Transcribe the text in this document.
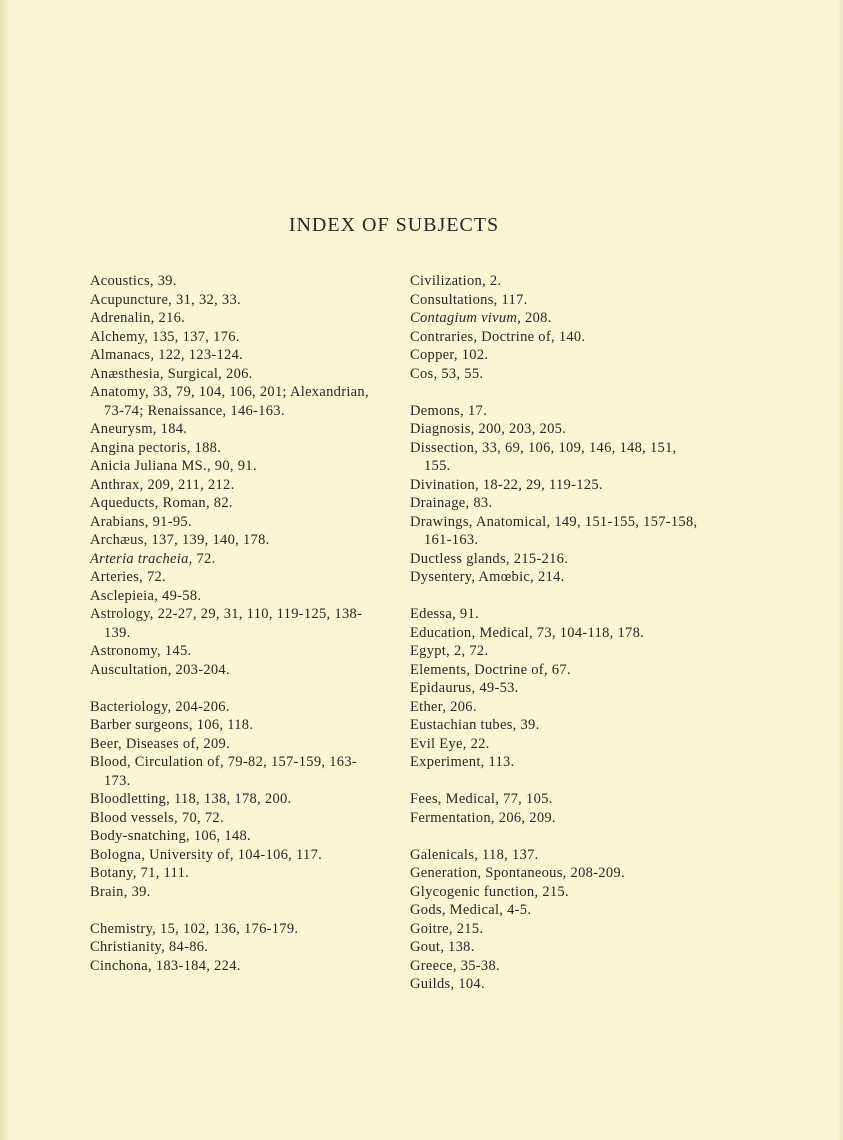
INDEX OF SUBJECTS
Acoustics, 39.
Acupuncture, 31, 32, 33.
Adrenalin, 216.
Alchemy, 135, 137, 176.
Almanacs, 122, 123-124.
Anæsthesia, Surgical, 206.
Anatomy, 33, 79, 104, 106, 201; Alexandrian, 73-74; Renaissance, 146-163.
Aneurysm, 184.
Angina pectoris, 188.
Anicia Juliana MS., 90, 91.
Anthrax, 209, 211, 212.
Aqueducts, Roman, 82.
Arabians, 91-95.
Archæus, 137, 139, 140, 178.
Arteria tracheia, 72.
Arteries, 72.
Asclepieia, 49-58.
Astrology, 22-27, 29, 31, 110, 119-125, 138-139.
Astronomy, 145.
Auscultation, 203-204.
Bacteriology, 204-206.
Barber surgeons, 106, 118.
Beer, Diseases of, 209.
Blood, Circulation of, 79-82, 157-159, 163-173.
Bloodletting, 118, 138, 178, 200.
Blood vessels, 70, 72.
Body-snatching, 106, 148.
Bologna, University of, 104-106, 117.
Botany, 71, 111.
Brain, 39.
Chemistry, 15, 102, 136, 176-179.
Christianity, 84-86.
Cinchona, 183-184, 224.
Civilization, 2.
Consultations, 117.
Contagium vivum, 208.
Contraries, Doctrine of, 140.
Copper, 102.
Cos, 53, 55.
Demons, 17.
Diagnosis, 200, 203, 205.
Dissection, 33, 69, 106, 109, 146, 148, 151, 155.
Divination, 18-22, 29, 119-125.
Drainage, 83.
Drawings, Anatomical, 149, 151-155, 157-158, 161-163.
Ductless glands, 215-216.
Dysentery, Amœbic, 214.
Edessa, 91.
Education, Medical, 73, 104-118, 178.
Egypt, 2, 72.
Elements, Doctrine of, 67.
Epidaurus, 49-53.
Ether, 206.
Eustachian tubes, 39.
Evil Eye, 22.
Experiment, 113.
Fees, Medical, 77, 105.
Fermentation, 206, 209.
Galenicals, 118, 137.
Generation, Spontaneous, 208-209.
Glycogenic function, 215.
Gods, Medical, 4-5.
Goitre, 215.
Gout, 138.
Greece, 35-38.
Guilds, 104.
